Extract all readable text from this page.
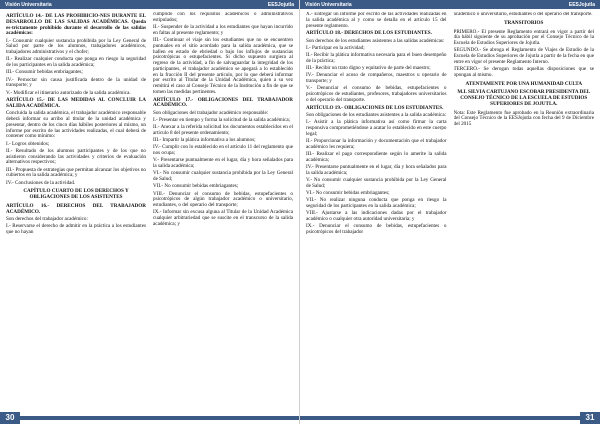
Visión Universitaria	EESJojutla

ARTÍCULO 14.- DE LAS PROHIBICIO-NES DURANTE EL DESARROLLO DE LAS SALIDAS ACADÉMICAS. Queda es-trictamente prohibido durante el desarrollo de las salidas académicas:

I.- Consumir cualquier sustancia prohibida por la Ley General de Salud por parte de los alumnos, trabajadores académicos, trabajadores administrativos y el chofer;

II.- Realizar cualquier conducta que ponga en riesgo la seguridad de los participantes en la salida académica;

III.- Consumir bebidas embriagantes;

IV.- Pernoctar sin causa justificada dentro de la unidad de transporte; y

V.- Modificar el itinerario autorizado de la salida académica.

ARTÍCULO 15.- DE LAS MEDIDAS AL CONCLUIR LA SALIDA ACADÉMICA.

Concluida la salida académica, el trabajador académico responsable deberá informar su arribo al titular de la unidad académica y presentar, dentro de los cinco días hábiles posteriores al mismo, un informe por escrito de las actividades realizadas, el cual deberá de contener como mínimo:

I.- Logros obtenidos;

II.- Resultado de los alumnos participantes y de los que no asistieron considerando las actividades y criterios de evaluación alternativos respectivos;

III.- Propuesta de estrategias que permitan alcanzar los objetivos no cubiertos en la salida académica; y

IV.- Conclusiones de la actividad.

CAPÍTULO CUARTO DE LOS DERECHOS Y OBLIGACIONES DE LOS ASISTENTES

ARTÍCULO 16.- DERECHOS DEL TRABAJADOR ACADÉMICO.

Son derechos del trabajador académico:

I.- Reservarse el derecho de admitir en la práctica a los estudiantes que no hayan

cumplido con los requisitos académicos o administrativos estipulados;

II.- Suspender de la actividad a los estudiantes que hayan incurrido en faltas al presente reglamento; y

III.- Continuar el viaje sin los estudiantes que no se encuentren puntuales en el sitio acordado para la salida académica, que se hallen en estado de ebriedad o bajo los influjos de sustancias psicotrópicas o estupefacientes. Si dicho supuesto surgiera al regreso de la actividad, a fin de salvaguardar la integridad de los participantes, el trabajador académico se apegará a lo establecido en la fracción II del presente artículo, por lo que deberá informar por escrito al Titular de la Unidad Académica, quien a su vez remitirá el caso al Consejo Técnico de la Institución a fin de que se tomen las medidas pertinentes.

ARTÍCULO 17.- OBLIGACIONES DEL TRABAJADOR ACADÉMICO.

Son obligaciones del trabajador académico responsable:

I.- Presentar en tiempo y forma la solicitud de la salida académica;

II.- Anexar a la referida solicitud los documentos establecidos en el artículo 8 del presente ordenamiento;

III.- Impartir la plática informativa a los alumnos;

IV.- Cumplir con lo establecido en el artículo 11 del reglamento que nos ocupa;

V.- Presentarse puntualmente en el lugar, día y hora señalados para la salida académica;

VI.- No consumir cualquier sustancia prohibida por la Ley General de Salud;

VII.- No consumir bebidas embriagantes;

VIII.- Denunciar el consumo de bebidas, estupefacientes o psicotrópicos de algún trabajador académico o universitario, estudiantes, o del operario del transporte;

IX.- Informar sin excusa alguna al Titular de la Unidad Académica cualquier arbitrariedad que se suscite en el transcurso de la salida académica; y

30
Visión Universitaria	EESJojutla

X.- Entregar un informe por escrito de las actividades realizadas en la salida académica al y como se detalla en el artículo 15 del presente reglamento.

ARTÍCULO 18.- DERECHOS DE LOS ESTUDIANTES.

Son derechos de los estudiantes asistentes a las salidas académicas:

I.- Participar en la actividad;

II.- Recibir la plática informativa necesaria para el buen desempeño de la práctica;

III.- Recibir un trato digno y equitativo de parte del maestro;

IV.- Denunciar el acoso de compañeros, maestros u operario de transporte; y

V.- Denunciar el consumo de bebidas, estupefacientes o psicotrópicos de estudiantes, profesores, trabajadores universitarios o del operario del transporte.

ARTÍCULO 19.- OBLIGACIONES DE LOS ESTUDIANTES.

Son obligaciones de los estudiantes asistentes a la salida académica:

I.- Asistir a la plática informativa así como firmar la carta responsiva comprometiéndose a acatar lo establecido en este cuerpo legal;

II.- Proporcionar la información y documentación que el trabajador académico les requiera;

III.- Realizar el pago correspondiente según lo amerite la salida académica;

IV.- Presentarse puntualmente en el lugar, día y hora señalados para la salida académica;

V.- No consumir cualquier sustancia prohibida por la Ley General de Salud;

VI.- No consumir bebidas embriagantes;

VII.- No realizar ninguna conducta que ponga en riesgo la seguridad de los participantes en la salida académica;

VIII.- Ajustarse a las indicaciones dadas por el trabajador académico o cualquier otra autoridad universitaria; y

IX.- Denunciar el consumo de bebidas, estupefacientes o psicotrópicos del trabajador

académico o universitario, estudiantes o del operario del transporte.

TRANSITORIOS

PRIMERO.- El presente Reglamento entrará en vigor a partir del día hábil siguiente de su aprobación por el Consejo Técnico de la Escuela de Estudios Superiores de Jojutla.

SEGUNDO.- Se abroga el Reglamento de Viajes de Estudio de la Escuela de Estudios Superiores de Jojutla a partir de la fecha en que entre en vigor el presente Reglamento Interno.

TERCERO.- Se derogan todas aquellas disposiciones que se opongan al mismo.

ATENTAMENTE POR UNA HUMANIDAD CULTA

M.I. SILVIA CARTUJANO ESCOBAR PRESIDENTA DEL CONSEJO TÉCNICO DE LA ESCUELA DE ESTUDIOS SUPERIORES DE JOJUTLA.

Nota: Este Reglamento fue aprobado en la Reunión extraordinaria del Consejo Técnico de la EESJojutla con fecha del 9 de Diciembre del 2015

31
